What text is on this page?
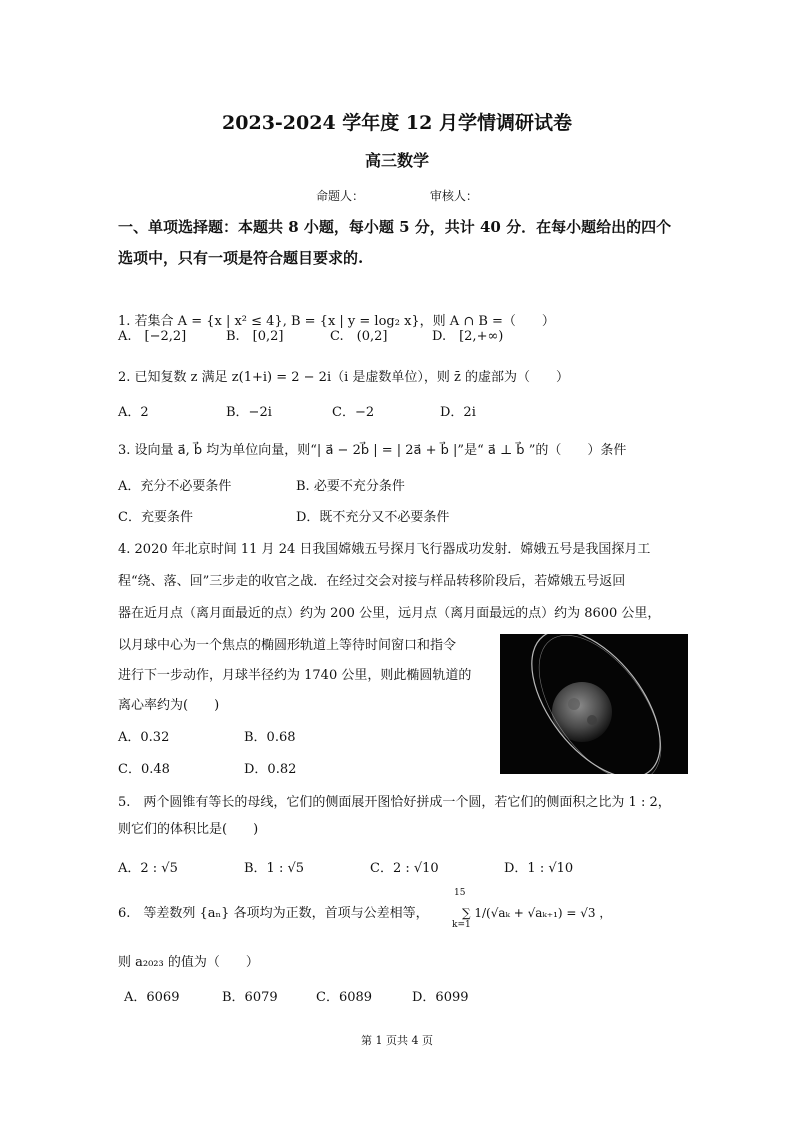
2023-2024 学年度 12 月学情调研试卷
高三数学
命题人：	审核人：
一、单项选择题：本题共 8 小题，每小题 5 分，共计 40 分．在每小题给出的四个选项中，只有一项是符合题目要求的.
1. 若集合 A = {x | x² ≤ 4}, B = {x | y = log₂ x}，则 A ∩ B =（　　）
A.　[−2,2]	B.　[0,2]	C.　(0,2]	D.　[2,+∞)
2. 已知复数 z 满足 z(1+i) = 2 − 2i（i 是虚数单位），则 z̄ 的虚部为（　　）
A．2	B．−2i	C．−2	D．2i
3. 设向量 a⃗, b⃗ 均为单位向量，则“| a⃗ − 2b⃗ | = | 2a⃗ + b⃗ |”是“ a⃗ ⊥ b⃗ ”的（　　）条件
A．充分不必要条件	B. 必要不充分条件
C．充要条件	D．既不充分又不必要条件
4. 2020 年北京时间 11 月 24 日我国嫦娥五号探月飞行器成功发射．嫦娥五号是我国探月工
程“绕、落、回”三步走的收官之战．在经过交会对接与样品转移阶段后，若嫦娥五号返回
器在近月点（离月面最近的点）约为 200 公里，远月点（离月面最远的点）约为 8600 公里，
以月球中心为一个焦点的椭圆形轨道上等待时间窗口和指令
进行下一步动作，月球半径约为 1740 公里，则此椭圆轨道的
离心率约为(　　)
A．0.32	B．0.68
C．0.48	D．0.82
5.　两个圆锥有等长的母线，它们的侧面展开图恰好拼成一个圆，若它们的侧面积之比为 1 : 2，
则它们的体积比是(　　)
A．2 : √5	B．1 : √5	C．2 : √10	D．1 : √10
6.　等差数列 {aₙ} 各项均为正数，首项与公差相等，
15
∑ 1/(√aₖ + √aₖ₊₁) = √3 ，
k=1
则 a₂₀₂₃ 的值为（　　）
A．6069	B．6079	C．6089	D．6099
第 1 页共 4 页
